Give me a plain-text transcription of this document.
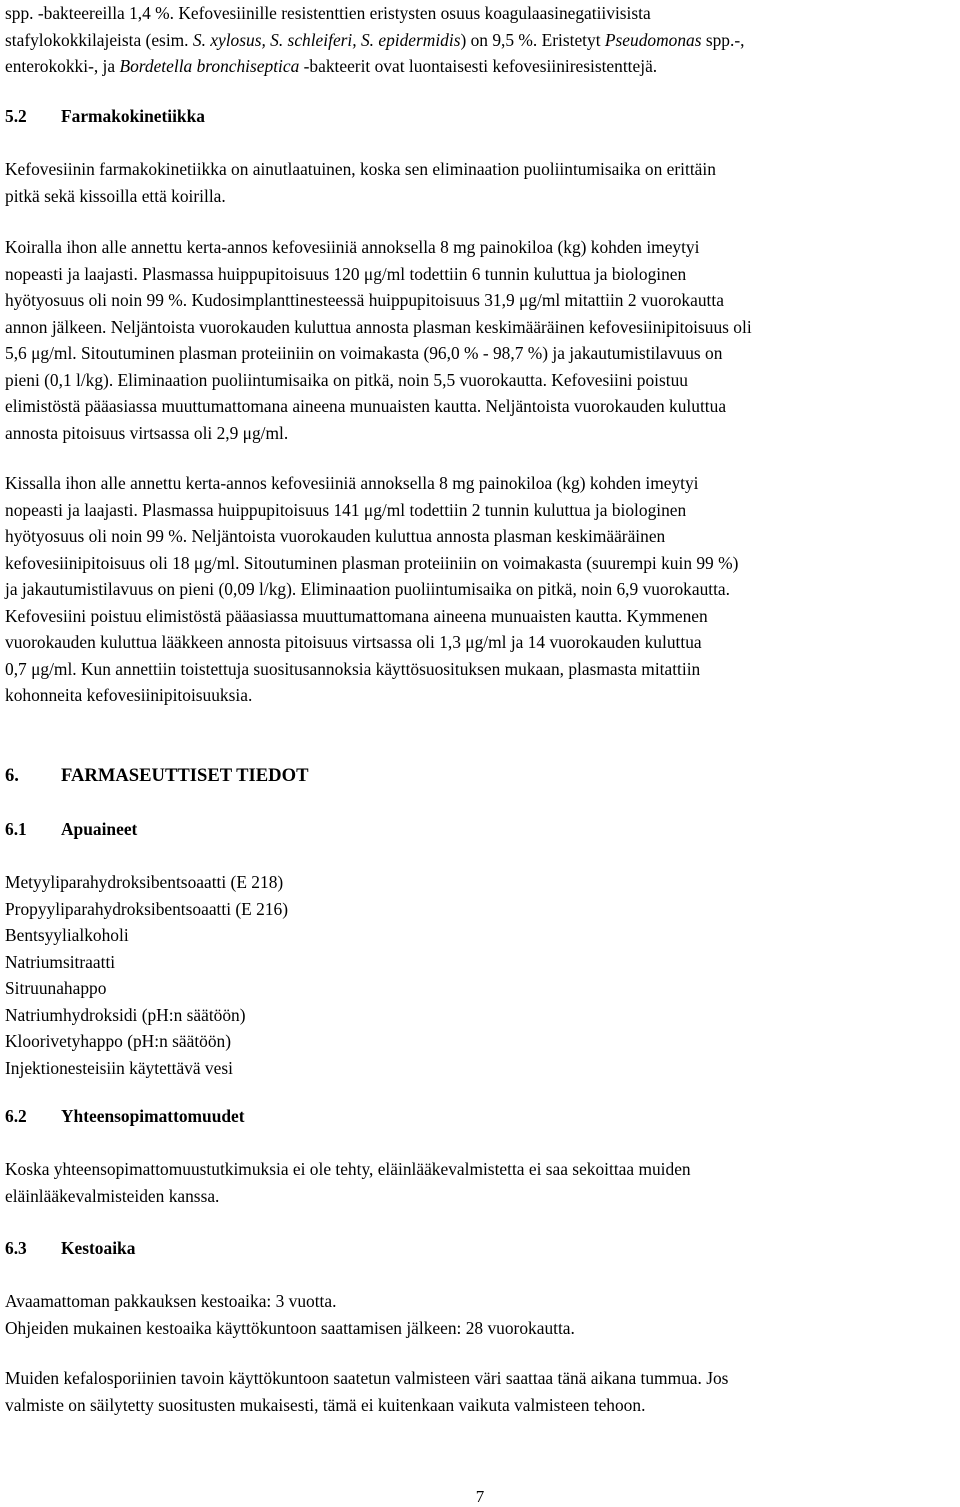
spp. -bakteereilla 1,4 %. Kefovesiinille resistenttien eristysten osuus koagulaasinegatiivisista

stafylokokkilajeista (esim. S. xylosus, S. schleiferi, S. epidermidis) on 9,5 %. Eristetyt Pseudomonas spp.-,

enterokokki-, ja Bordetella bronchiseptica -bakteerit ovat luontaisesti kefovesiiniresistenttejä.

5.2 Farmakokinetiikka

Kefovesiinin farmakokinetiikka on ainutlaatuinen, koska sen eliminaation puoliintumisaika on erittäin

pitkä sekä kissoilla että koirilla.

Koiralla ihon alle annettu kerta-annos kefovesiiniä annoksella 8 mg painokiloa (kg) kohden imeytyi

nopeasti ja laajasti. Plasmassa huippupitoisuus 120 μg/ml todettiin 6 tunnin kuluttua ja biologinen

hyötyosuus oli noin 99 %. Kudosimplanttinesteessä huippupitoisuus 31,9 μg/ml mitattiin 2 vuorokautta

annon jälkeen. Neljäntoista vuorokauden kuluttua annosta plasman keskimääräinen kefovesiinipitoisuus oli

5,6 μg/ml. Sitoutuminen plasman proteiiniin on voimakasta (96,0 % - 98,7 %) ja jakautumistilavuus on

pieni (0,1 l/kg). Eliminaation puoliintumisaika on pitkä, noin 5,5 vuorokautta. Kefovesiini poistuu

elimistöstä pääasiassa muuttumattomana aineena munuaisten kautta. Neljäntoista vuorokauden kuluttua

annosta pitoisuus virtsassa oli 2,9 μg/ml.

Kissalla ihon alle annettu kerta-annos kefovesiiniä annoksella 8 mg painokiloa (kg) kohden imeytyi

nopeasti ja laajasti. Plasmassa huippupitoisuus 141 μg/ml todettiin 2 tunnin kuluttua ja biologinen

hyötyosuus oli noin 99 %. Neljäntoista vuorokauden kuluttua annosta plasman keskimääräinen

kefovesiinipitoisuus oli 18 μg/ml. Sitoutuminen plasman proteiiniin on voimakasta (suurempi kuin 99 %)

ja jakautumistilavuus on pieni (0,09 l/kg). Eliminaation puoliintumisaika on pitkä, noin 6,9 vuorokautta.

Kefovesiini poistuu elimistöstä pääasiassa muuttumattomana aineena munuaisten kautta. Kymmenen

vuorokauden kuluttua lääkkeen annosta pitoisuus virtsassa oli 1,3 μg/ml ja 14 vuorokauden kuluttua

0,7 μg/ml. Kun annettiin toistettuja suositusannoksia käyttösuosituksen mukaan, plasmasta mitattiin

kohonneita kefovesiinipitoisuuksia.

6. FARMASEUTTISET TIEDOT

6.1 Apuaineet

Metyyliparahydroksibentsoaatti (E 218)

Propyyliparahydroksibentsoaatti (E 216)

Bentsyylialkoholi

Natriumsitraatti

Sitruunahappo

Natriumhydroksidi (pH:n säätöön)

Kloorivetyhappo (pH:n säätöön)

Injektionesteisiin käytettävä vesi

6.2 Yhteensopimattomuudet

Koska yhteensopimattomuustutkimuksia ei ole tehty, eläinlääkevalmistetta ei saa sekoittaa muiden

eläinlääkevalmisteiden kanssa.

6.3 Kestoaika

Avaamattoman pakkauksen kestoaika: 3 vuotta.

Ohjeiden mukainen kestoaika käyttökuntoon saattamisen jälkeen: 28 vuorokautta.

Muiden kefalosporiinien tavoin käyttökuntoon saatetun valmisteen väri saattaa tänä aikana tummua. Jos

valmiste on säilytetty suositusten mukaisesti, tämä ei kuitenkaan vaikuta valmisteen tehoon.

7
